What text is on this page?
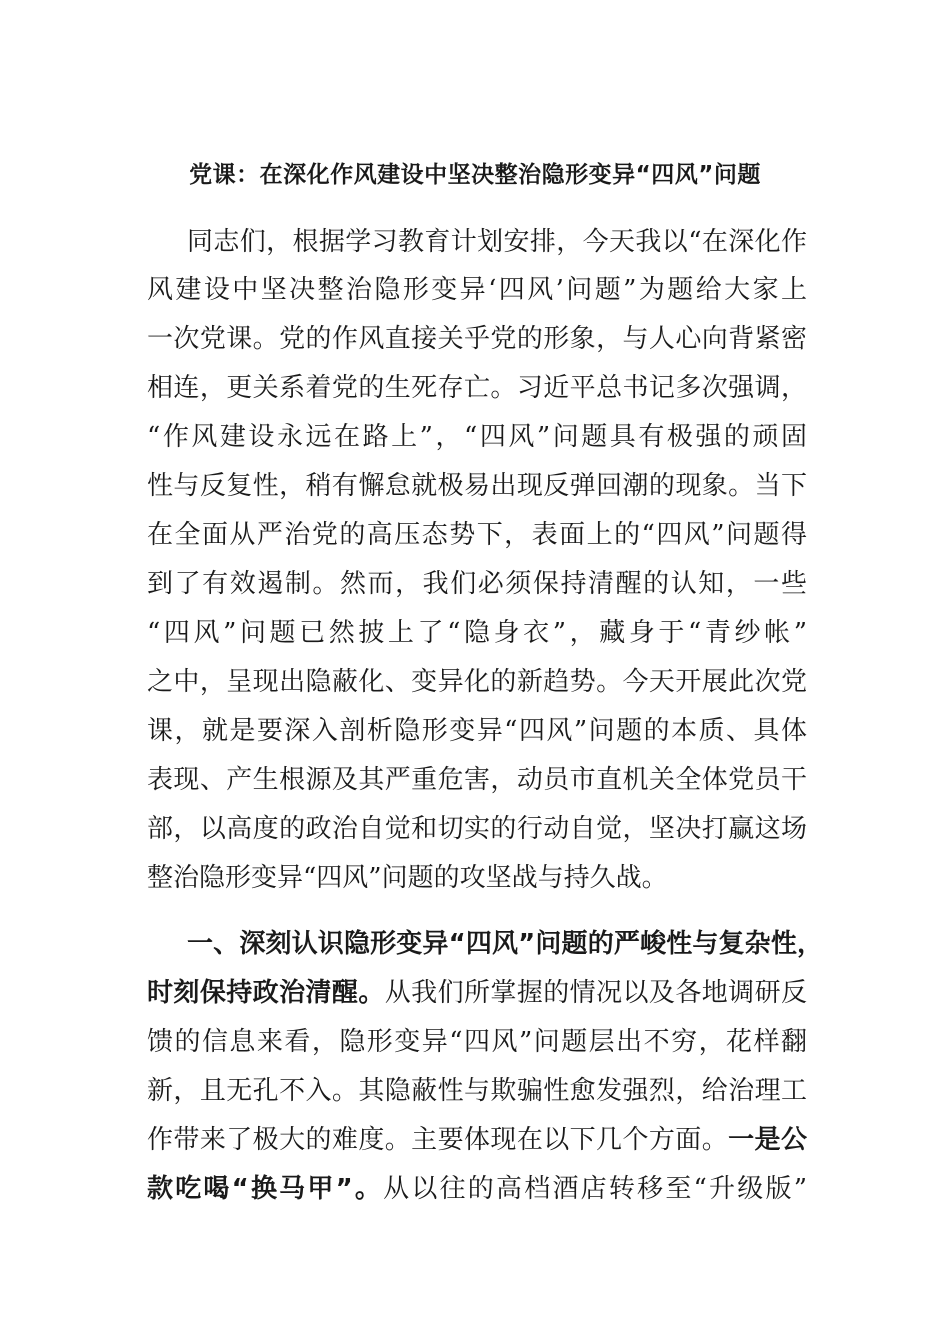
党课：在深化作风建设中坚决整治隐形变异“四风”问题
同志们，根据学习教育计划安排，今天我以“在深化作
风建设中坚决整治隐形变异‘四风’问题”为题给大家上
一次党课。党的作风直接关乎党的形象，与人心向背紧密
相连，更关系着党的生死存亡。习近平总书记多次强调，
“作风建设永远在路上”，“四风”问题具有极强的顽固
性与反复性，稍有懈怠就极易出现反弹回潮的现象。当下
在全面从严治党的高压态势下，表面上的“四风”问题得
到了有效遏制。然而，我们必须保持清醒的认知，一些
“四风”问题已然披上了“隐身衣”，藏身于“青纱帐”
之中，呈现出隐蔽化、变异化的新趋势。今天开展此次党
课，就是要深入剖析隐形变异“四风”问题的本质、具体
表现、产生根源及其严重危害，动员市直机关全体党员干
部，以高度的政治自觉和切实的行动自觉，坚决打赢这场
整治隐形变异“四风”问题的攻坚战与持久战。
一、深刻认识隐形变异“四风”问题的严峻性与复杂性，
时刻保持政治清醒。从我们所掌握的情况以及各地调研反
馈的信息来看，隐形变异“四风”问题层出不穷，花样翻
新，且无孔不入。其隐蔽性与欺骗性愈发强烈，给治理工
作带来了极大的难度。主要体现在以下几个方面。一是公
款吃喝“换马甲”。从以往的高档酒店转移至“升级版”
